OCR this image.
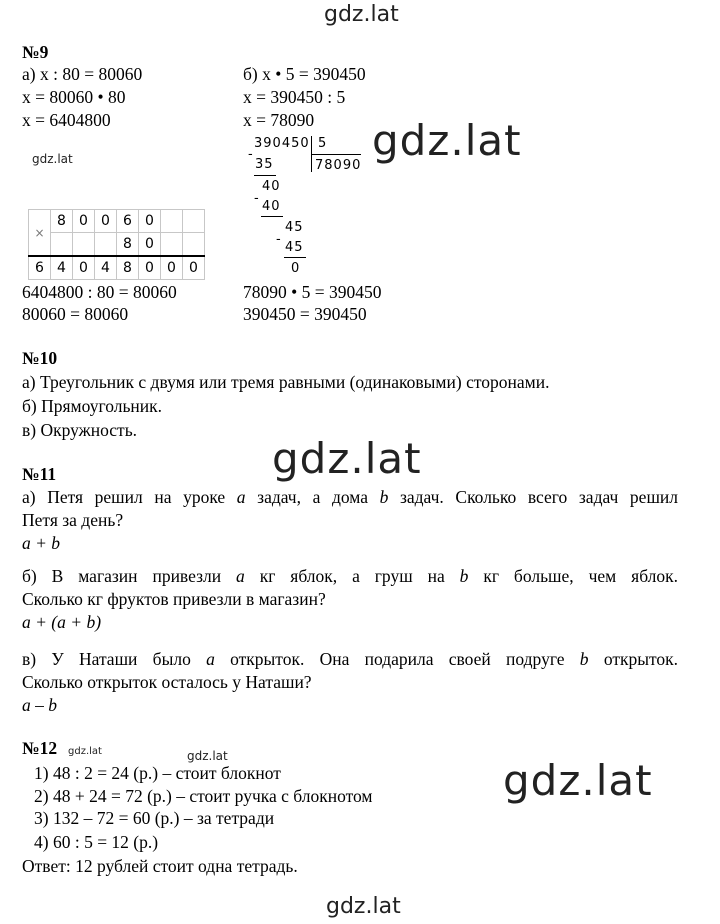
gdz.lat
gdz.lat
gdz.lat
gdz.lat
gdz.lat
gdz.lat	gdz.lat
gdz.lat
№9
а) x : 80 = 80060
x = 80060 • 80
x = 6404800
б) x • 5 = 390450
x = 390450 : 5
x = 78090
×	8	0	0	6	0		
				8	0		
6	4	0	4	8	0	0	0
390450 5
78090
-
35
40
-
40
45
-
45
0
6404800 : 80 = 80060
80060 = 80060
78090 • 5 = 390450
390450 = 390450
№10
а) Треугольник с двумя или тремя равными (одинаковыми) сторонами.
б) Прямоугольник.
в) Окружность.
№11
а) Петя решил на уроке a задач, а дома b задач. Сколько всего задач решил
Петя за день?
a + b
б) В магазин привезли a кг яблок, а груш на b кг больше, чем яблок.
Сколько кг фруктов привезли в магазин?
a + (a + b)
в) У Наташи было a открыток. Она подарила своей подруге b открыток.
Сколько открыток осталось у Наташи?
a – b
№12
1) 48 : 2 = 24 (р.) – стоит блокнот
2) 48 + 24 = 72 (р.) – стоит ручка с блокнотом
3) 132 – 72 = 60 (р.) – за тетради
4) 60 : 5 = 12 (р.)
Ответ: 12 рублей стоит одна тетрадь.
